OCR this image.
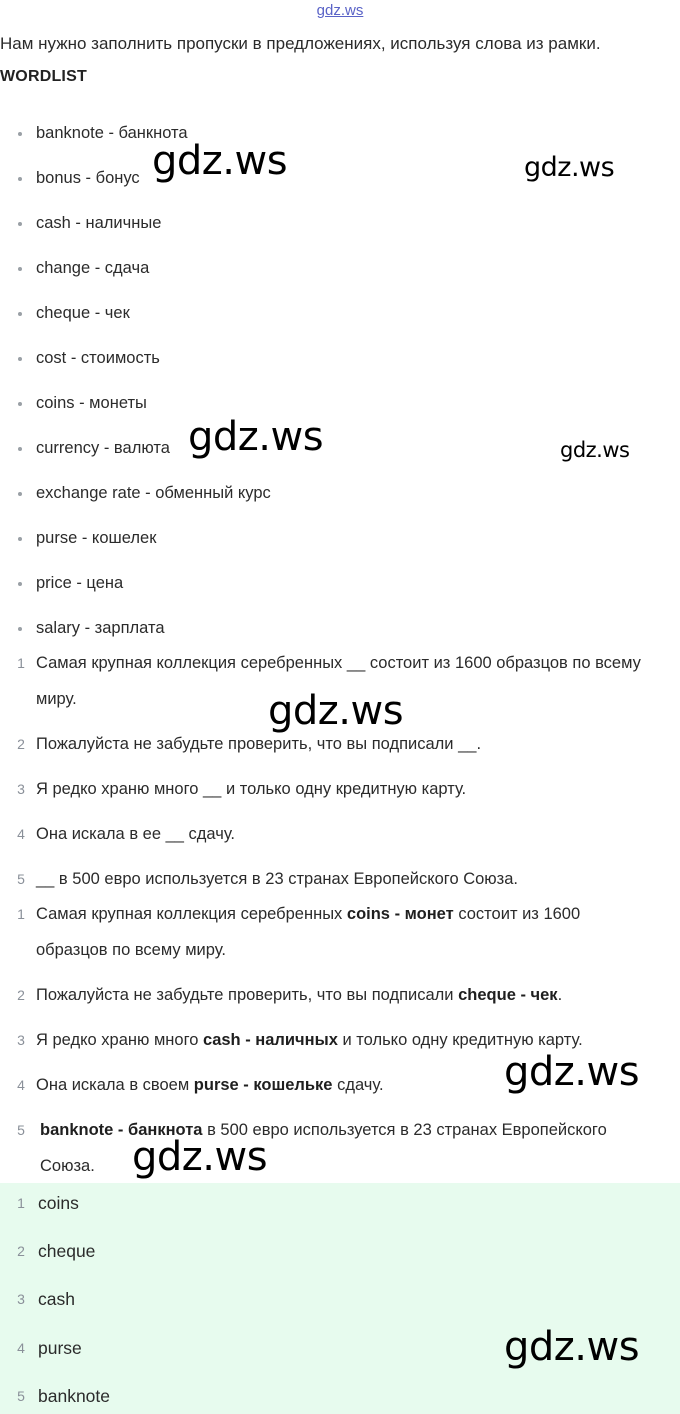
gdz.ws
Нам нужно заполнить пропуски в предложениях, используя слова из рамки.
WORDLIST
banknote - банкнота
bonus - бонус
cash - наличные
change - сдача
cheque - чек
cost - стоимость
coins - монеты
currency - валюта
exchange rate - обменный курс
purse - кошелек
price - цена
salary - зарплата
1 Самая крупная коллекция серебренных __ состоит из 1600 образцов по всему миру.
2 Пожалуйста не забудьте проверить, что вы подписали __.
3 Я редко храню много __ и только одну кредитную карту.
4 Она искала в ее __ сдачу.
5 __ в 500 евро используется в 23 странах Европейского Союза.
1 Самая крупная коллекция серебренных coins - монет состоит из 1600 образцов по всему миру.
2 Пожалуйста не забудьте проверить, что вы подписали cheque - чек.
3 Я редко храню много cash - наличных и только одну кредитную карту.
4 Она искала в своем purse - кошельке сдачу.
5 banknote - банкнота в 500 евро используется в 23 странах Европейского Союза.
1 coins
2 cheque
3 cash
4 purse
5 banknote
gdz.ws	gdz.ws
gdz.ws	gdz.ws
gdz.ws
gdz.ws
gdz.ws
gdz.ws
